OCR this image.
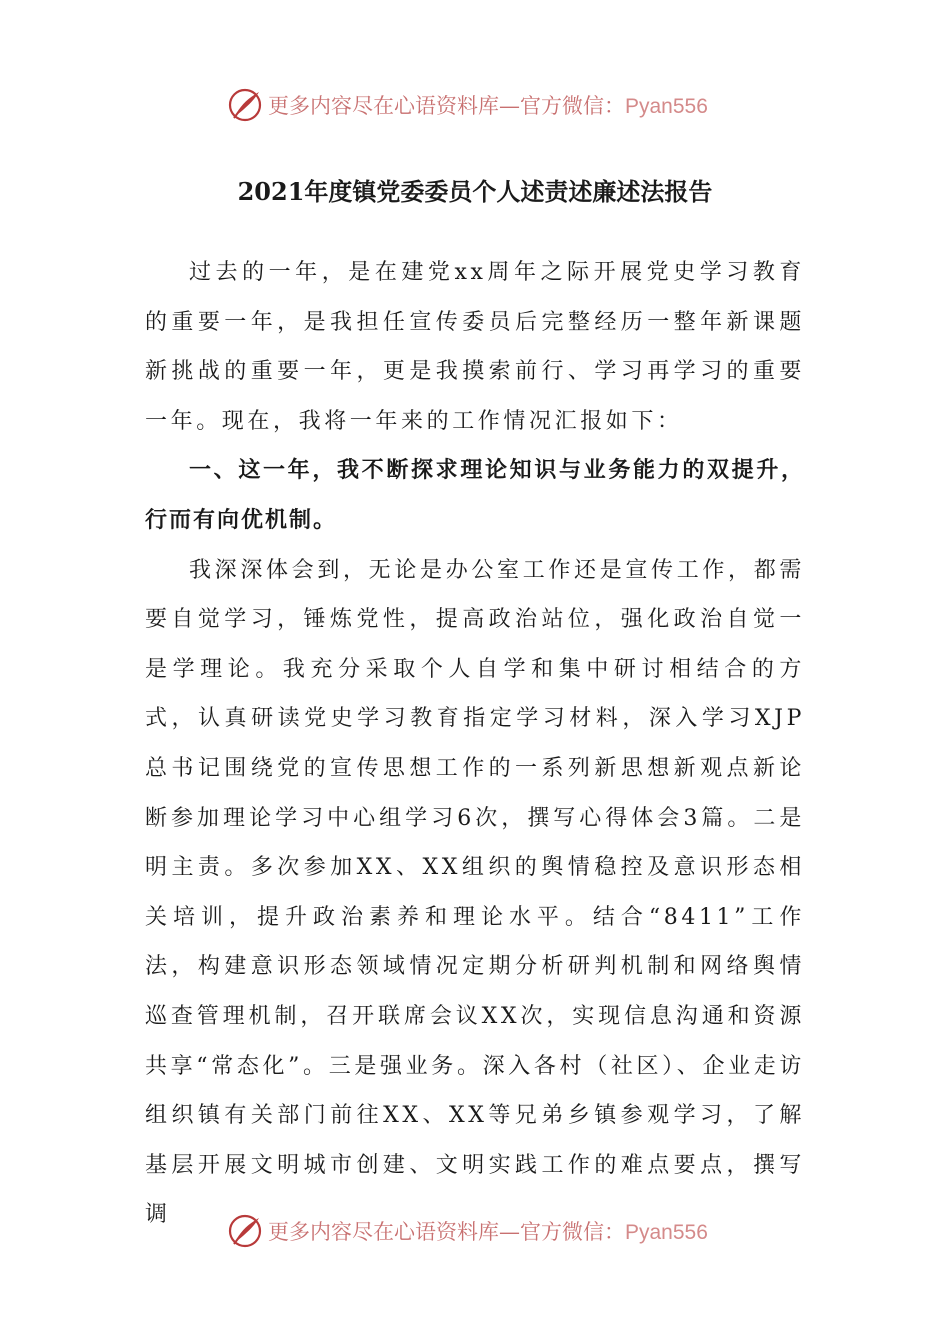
更多内容尽在心语资料库—官方微信：Pyan556
2021年度镇党委委员个人述责述廉述法报告

过去的一年，是在建党xx周年之际开展党史学习教育的重要一年，是我担任宣传委员后完整经历一整年新课题新挑战的重要一年，更是我摸索前行、学习再学习的重要一年。现在，我将一年来的工作情况汇报如下：

一、这一年，我不断探求理论知识与业务能力的双提升，行而有向优机制。

我深深体会到，无论是办公室工作还是宣传工作，都需要自觉学习，锤炼党性，提高政治站位，强化政治自觉一是学理论。我充分采取个人自学和集中研讨相结合的方式，认真研读党史学习教育指定学习材料，深入学习XJP总书记围绕党的宣传思想工作的一系列新思想新观点新论断参加理论学习中心组学习6次，撰写心得体会3篇。二是明主责。多次参加XX、XX组织的舆情稳控及意识形态相关培训，提升政治素养和理论水平。结合“8411”工作法，构建意识形态领域情况定期分析研判机制和网络舆情巡查管理机制，召开联席会议XX次，实现信息沟通和资源共享“常态化”。三是强业务。深入各村（社区）、企业走访组织镇有关部门前往XX、XX等兄弟乡镇参观学习，了解基层开展文明城市创建、文明实践工作的难点要点，撰写调

更多内容尽在心语资料库—官方微信：Pyan556
